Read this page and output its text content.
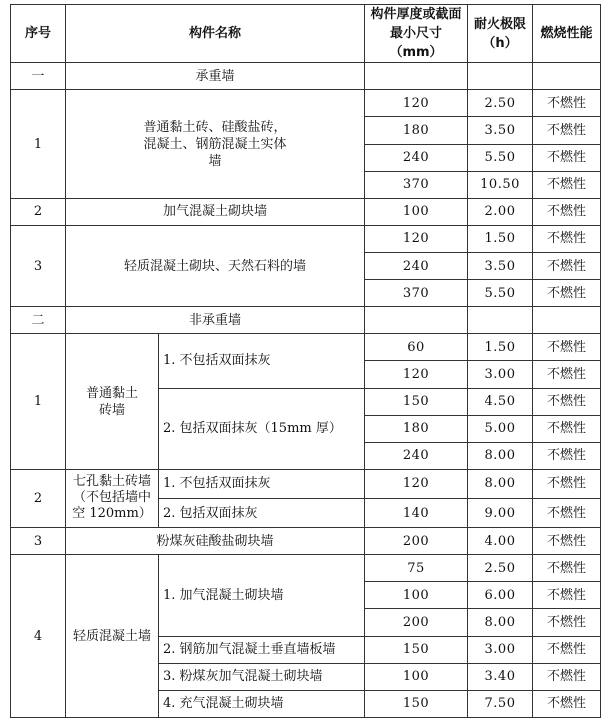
序号	构件名称		构件厚度或截面最小尺寸（mm）	耐火极限（h）	燃烧性能
一	承重墙				
1	普通黏土砖、硅酸盐砖，混凝土、钢筋混凝土实体墙		120	2.50	不燃性
			180	3.50	不燃性
			240	5.50	不燃性
			370	10.50	不燃性
2	加气混凝土砌块墙		100	2.00	不燃性
3	轻质混凝土砌块、天然石料的墙		120	1.50	不燃性
			240	3.50	不燃性
			370	5.50	不燃性
二	非承重墙				
1	普通黏土砖墙	1. 不包括双面抹灰	60	1.50	不燃性
			120	3.00	不燃性
		2. 包括双面抹灰（15mm 厚）	150	4.50	不燃性
			180	5.00	不燃性
			240	8.00	不燃性
2	七孔黏土砖墙（不包括墙中空 120mm）	1. 不包括双面抹灰	120	8.00	不燃性
		2. 包括双面抹灰	140	9.00	不燃性
3	粉煤灰硅酸盐砌块墙		200	4.00	不燃性
4	轻质混凝土墙	1. 加气混凝土砌块墙	75	2.50	不燃性
			100	6.00	不燃性
			200	8.00	不燃性
		2. 钢筋加气混凝土垂直墙板墙	150	3.00	不燃性
		3. 粉煤灰加气混凝土砌块墙	100	3.40	不燃性
		4. 充气混凝土砌块墙	150	7.50	不燃性
